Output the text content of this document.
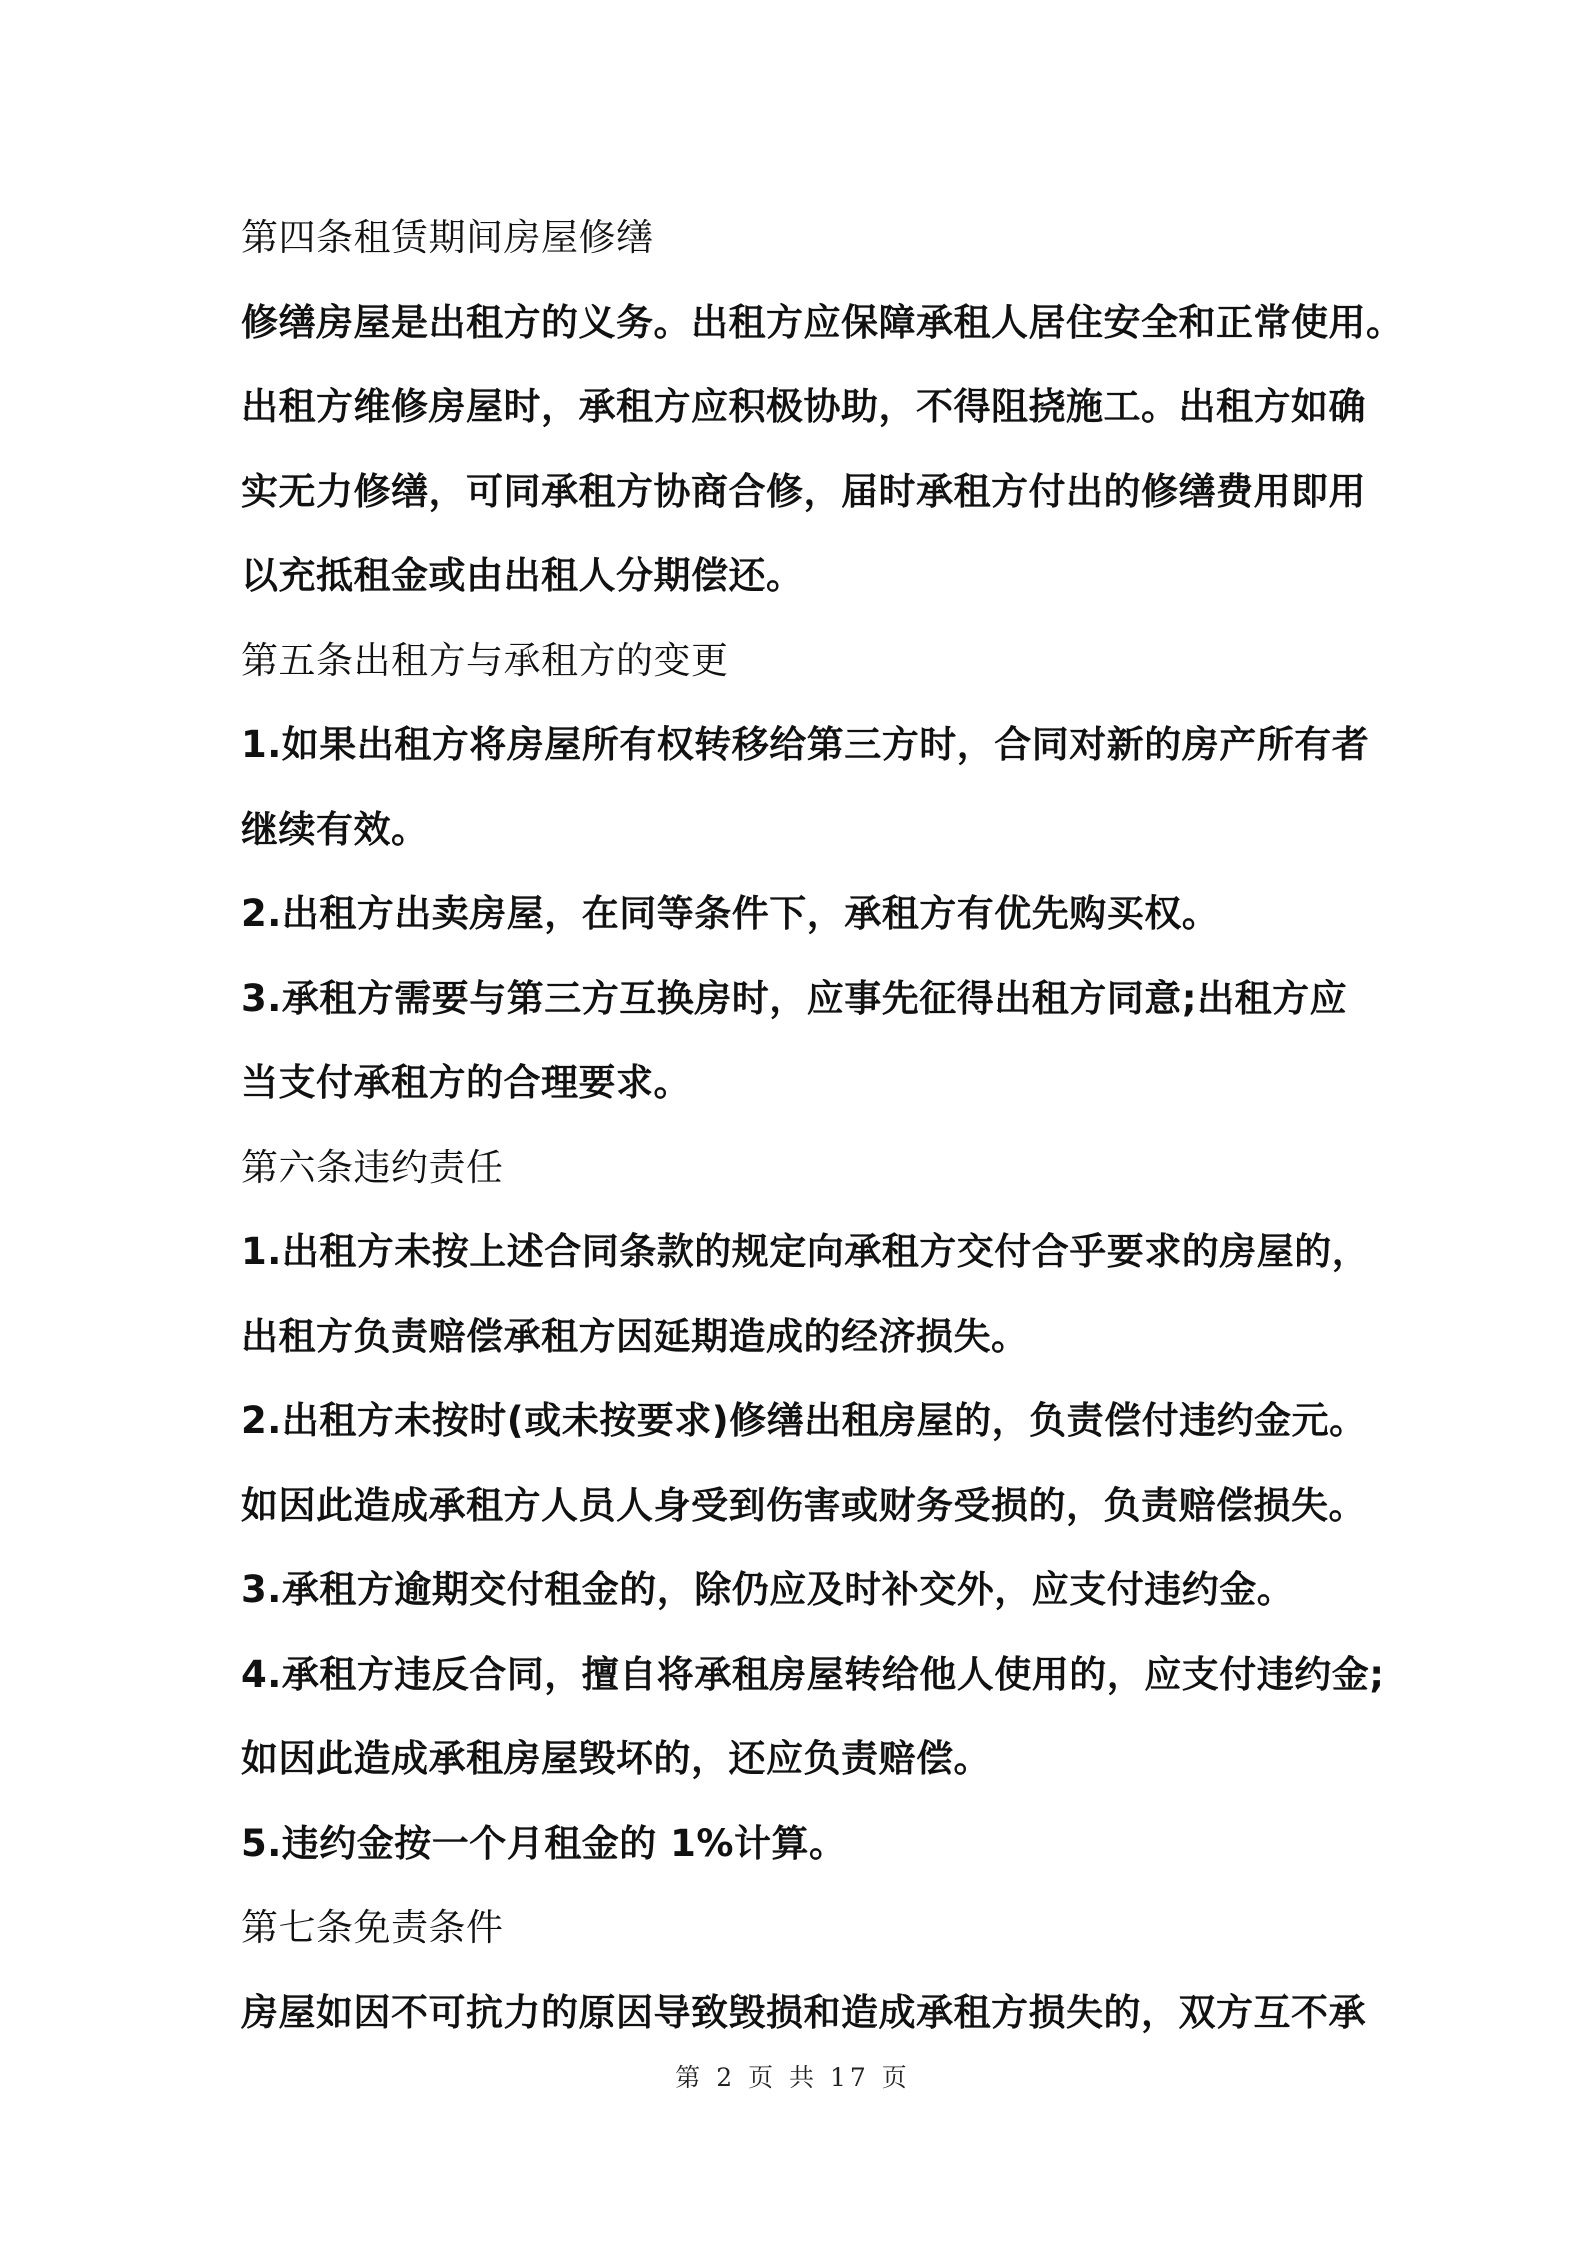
第四条租赁期间房屋修缮
修缮房屋是出租方的义务。出租方应保障承租人居住安全和正常使用。
出租方维修房屋时，承租方应积极协助，不得阻挠施工。出租方如确
实无力修缮，可同承租方协商合修，届时承租方付出的修缮费用即用
以充抵租金或由出租人分期偿还。
第五条出租方与承租方的变更
1.如果出租方将房屋所有权转移给第三方时，合同对新的房产所有者
继续有效。
2.出租方出卖房屋，在同等条件下，承租方有优先购买权。
3.承租方需要与第三方互换房时，应事先征得出租方同意;出租方应
当支付承租方的合理要求。
第六条违约责任
1.出租方未按上述合同条款的规定向承租方交付合乎要求的房屋的，
出租方负责赔偿承租方因延期造成的经济损失。
2.出租方未按时(或未按要求)修缮出租房屋的，负责偿付违约金元。
如因此造成承租方人员人身受到伤害或财务受损的，负责赔偿损失。
3.承租方逾期交付租金的，除仍应及时补交外，应支付违约金。
4.承租方违反合同，擅自将承租房屋转给他人使用的，应支付违约金;
如因此造成承租房屋毁坏的，还应负责赔偿。
5.违约金按一个月租金的 1%计算。
第七条免责条件
房屋如因不可抗力的原因导致毁损和造成承租方损失的，双方互不承
第 2 页 共 17 页
